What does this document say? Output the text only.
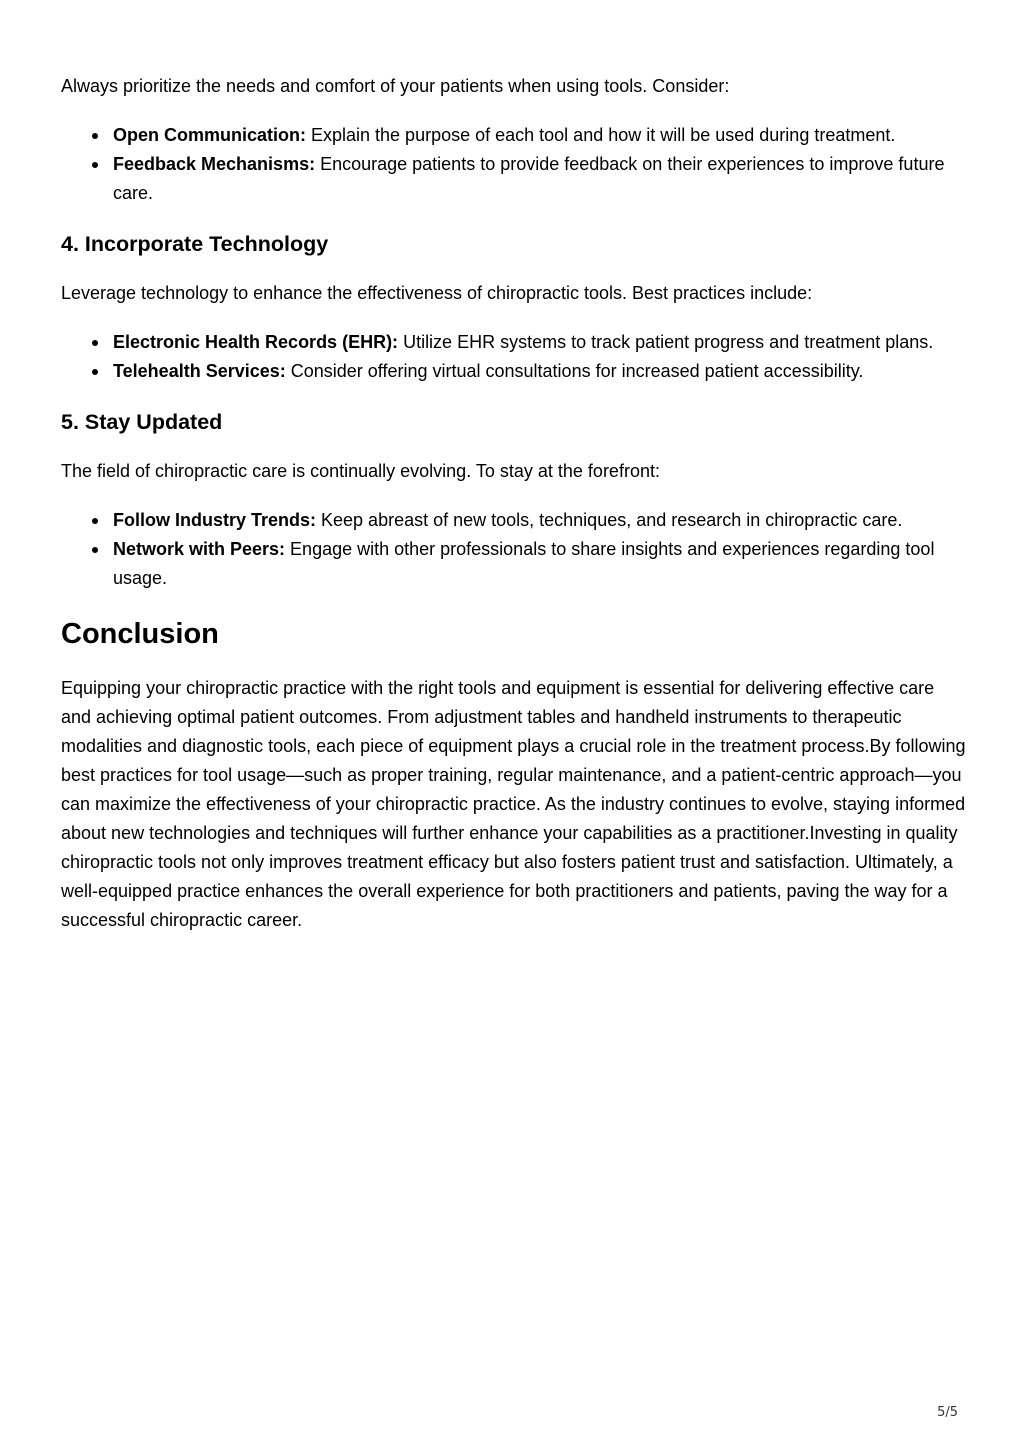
Always prioritize the needs and comfort of your patients when using tools. Consider:

Open Communication: Explain the purpose of each tool and how it will be used during treatment.
Feedback Mechanisms: Encourage patients to provide feedback on their experiences to improve future care.
4. Incorporate Technology

Leverage technology to enhance the effectiveness of chiropractic tools. Best practices include:

Electronic Health Records (EHR): Utilize EHR systems to track patient progress and treatment plans.
Telehealth Services: Consider offering virtual consultations for increased patient accessibility.
5. Stay Updated

The field of chiropractic care is continually evolving. To stay at the forefront:

Follow Industry Trends: Keep abreast of new tools, techniques, and research in chiropractic care.
Network with Peers: Engage with other professionals to share insights and experiences regarding tool usage.
Conclusion

Equipping your chiropractic practice with the right tools and equipment is essential for delivering effective care and achieving optimal patient outcomes. From adjustment tables and handheld instruments to therapeutic modalities and diagnostic tools, each piece of equipment plays a crucial role in the treatment process.By following best practices for tool usage—such as proper training, regular maintenance, and a patient-centric approach—you can maximize the effectiveness of your chiropractic practice. As the industry continues to evolve, staying informed about new technologies and techniques will further enhance your capabilities as a practitioner.Investing in quality chiropractic tools not only improves treatment efficacy but also fosters patient trust and satisfaction. Ultimately, a well-equipped practice enhances the overall experience for both practitioners and patients, paving the way for a successful chiropractic career.

5/5
